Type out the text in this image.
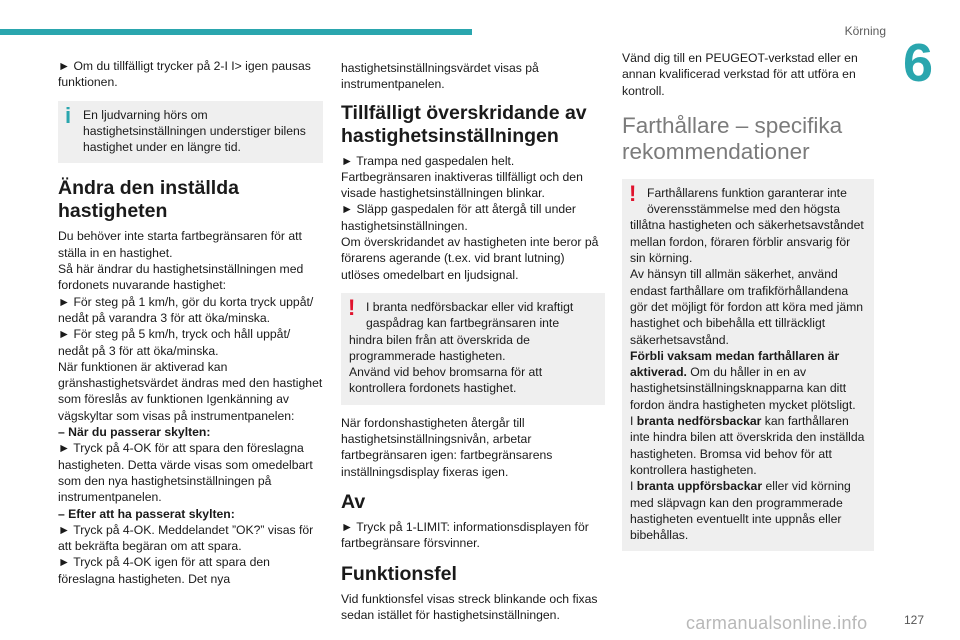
Körning
6

► Om du tillfälligt trycker på 2-I I> igen pausas funktionen.

i En ljudvarning hörs om

hastighetsinställningen understiger bilens hastighet under en längre tid.

Ändra den inställda hastigheten

Du behöver inte starta fartbegränsaren för att ställa in en hastighet.

Så här ändrar du hastighetsinställningen med fordonets nuvarande hastighet:

► För steg på 1 km/h, gör du korta tryck uppåt/ nedåt på varandra 3 för att öka/minska.

► För steg på 5 km/h, tryck och håll uppåt/ nedåt på 3 för att öka/minska.

När funktionen är aktiverad kan gränshastighetsvärdet ändras med den hastighet som föreslås av funktionen Igenkänning av vägskyltar som visas på instrumentpanelen:

– När du passerar skylten:

► Tryck på 4-OK för att spara den föreslagna hastigheten. Detta värde visas som omedelbart som den nya hastighetsinställningen på instrumentpanelen.

– Efter att ha passerat skylten:

► Tryck på 4-OK. Meddelandet ”OK?” visas för att bekräfta begäran om att spara.

► Tryck på 4-OK igen för att spara den föreslagna hastigheten. Det nya

hastighetsinställningsvärdet visas på instrumentpanelen.

Tillfälligt överskridande av hastighetsinställningen

► Trampa ned gaspedalen helt.

Fartbegränsaren inaktiveras tillfälligt och den visade hastighetsinställningen blinkar.

► Släpp gaspedalen för att återgå till under hastighetsinställningen.

Om överskridandet av hastigheten inte beror på förarens agerande (t.ex. vid brant lutning) utlöses omedelbart en ljudsignal.

! I branta nedförsbackar eller vid kraftigt

gaspådrag kan fartbegränsaren inte

hindra bilen från att överskrida de programmerade hastigheten.

Använd vid behov bromsarna för att kontrollera fordonets hastighet.

När fordonshastigheten återgår till hastighetsinställningsnivån, arbetar fartbegränsaren igen: fartbegränsarens inställningsdisplay fixeras igen.

Av

► Tryck på 1-LIMIT: informationsdisplayen för fartbegränsare försvinner.

Funktionsfel

Vid funktionsfel visas streck blinkande och fixas sedan istället för hastighetsinställningen.

Vänd dig till en PEUGEOT-verkstad eller en annan kvalificerad verkstad för att utföra en kontroll.

Farthållare – specifika rekommendationer
! Farthållarens funktion garanterar inte

överensstämmelse med den högsta

tillåtna hastigheten och säkerhetsavståndet mellan fordon, föraren förblir ansvarig för sin körning.

Av hänsyn till allmän säkerhet, använd endast farthållare om trafikförhållandena gör det möjligt för fordon att köra med jämn hastighet och bibehålla ett tillräckligt säkerhetsavstånd.

Förbli vaksam medan farthållaren är aktiverad. Om du håller in en av hastighetsinställningsknapparna kan ditt fordon ändra hastigheten mycket plötsligt.

I branta nedförsbackar kan farthållaren inte hindra bilen att överskrida den inställda hastigheten. Bromsa vid behov för att kontrollera hastigheten.

I branta uppförsbackar eller vid körning med släpvagn kan den programmerade hastigheten eventuellt inte uppnås eller bibehållas.

carmanualsonline.info	127
